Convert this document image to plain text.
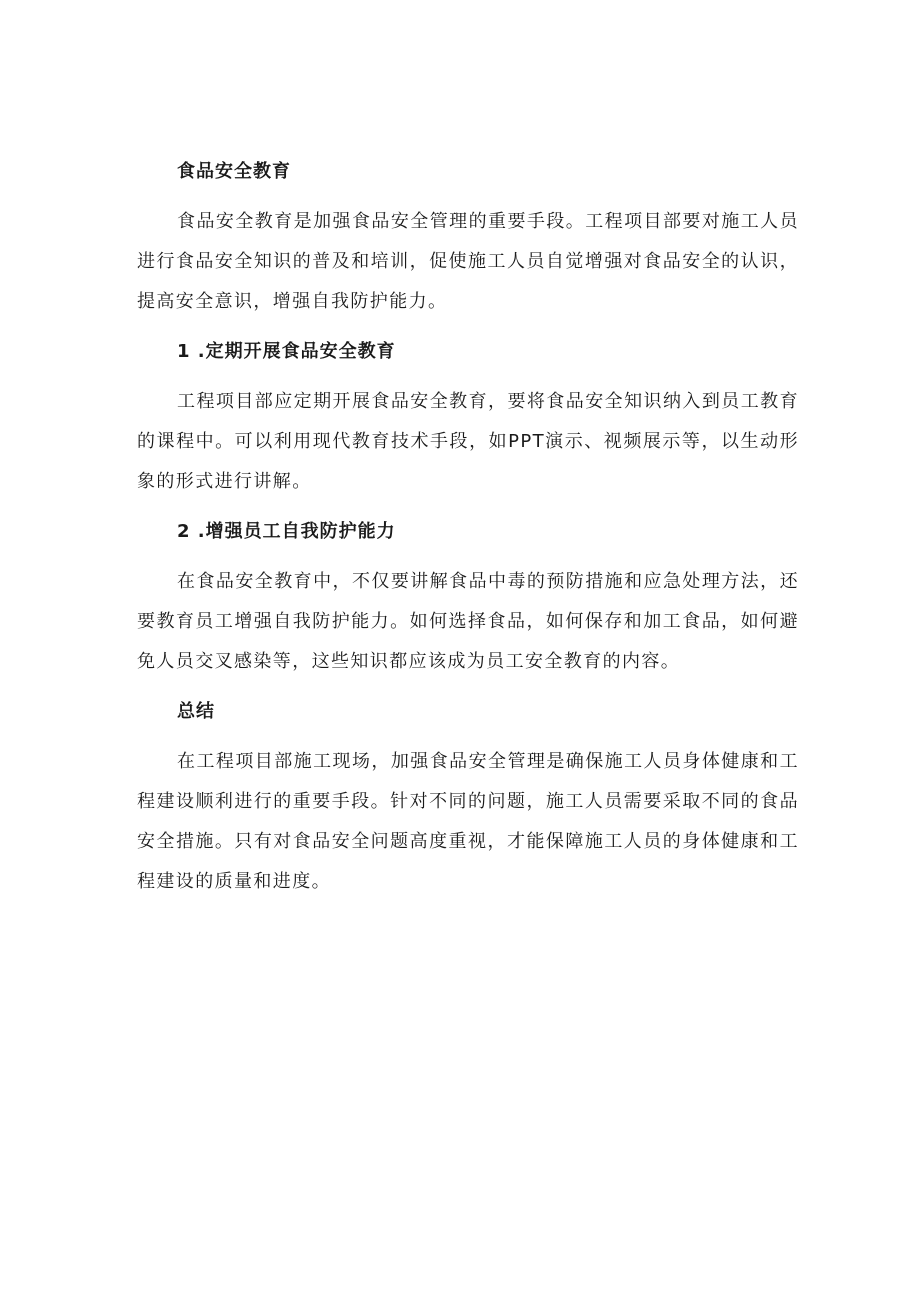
食品安全教育

食品安全教育是加强食品安全管理的重要手段。工程项目部要对施工人员进行食品安全知识的普及和培训，促使施工人员自觉增强对食品安全的认识，提高安全意识，增强自我防护能力。

1 .定期开展食品安全教育

工程项目部应定期开展食品安全教育，要将食品安全知识纳入到员工教育的课程中。可以利用现代教育技术手段，如PPT演示、视频展示等，以生动形象的形式进行讲解。

2 .增强员工自我防护能力

在食品安全教育中，不仅要讲解食品中毒的预防措施和应急处理方法，还要教育员工增强自我防护能力。如何选择食品，如何保存和加工食品，如何避免人员交叉感染等，这些知识都应该成为员工安全教育的内容。

总结

在工程项目部施工现场，加强食品安全管理是确保施工人员身体健康和工程建设顺利进行的重要手段。针对不同的问题，施工人员需要采取不同的食品安全措施。只有对食品安全问题高度重视，才能保障施工人员的身体健康和工程建设的质量和进度。
